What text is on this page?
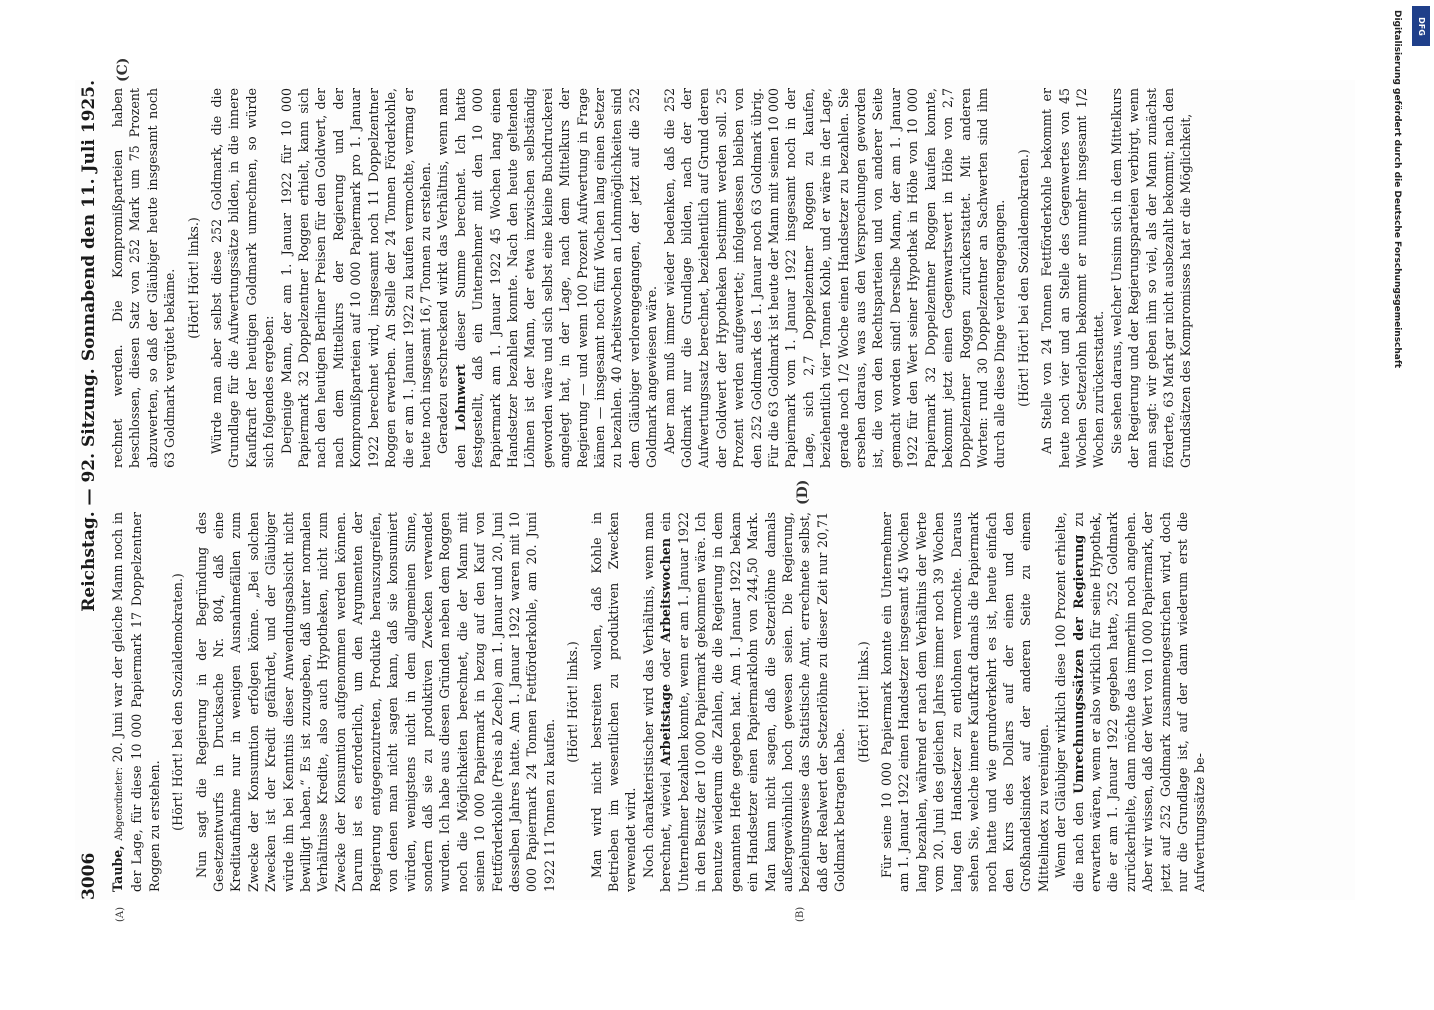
3006
Reichstag. — 92. Sitzung.
Sonnabend den 11. Juli 1925.
(A)	(B)
(C)
(D)

Taube, Abgeordneter: 20. Juni war der gleiche Mann noch in der Lage, für diese 10 000 Papiermark 17 Doppelzentner Roggen zu erstehen. (Hört! Hört! bei den Sozialdemokraten.) Nun sagt die Regierung in der Begründung des Gesetzentwurfs in Drucksache Nr. 804, daß eine Kreditaufnahme nur in wenigen Ausnahmefällen zum Zwecke der Konsumtion erfolgen könne. „Bei solchen Zwecken ist der Kredit gefährdet, und der Gläubiger würde ihn bei Kenntnis dieser Anwendungsabsicht nicht bewilligt haben.“ Es ist zuzugeben, daß unter normalen Verhältnisse Kredite, also auch Hypotheken, nicht zum Zwecke der Konsumtion aufgenommen werden können. Darum ist es erforderlich, um den Argumenten der Regierung entgegenzutreten, Produkte herauszugreifen, von denen man nicht sagen kann, daß sie konsumiert würden, wenigstens nicht in dem allgemeinen Sinne, sondern daß sie zu produktiven Zwecken verwendet wurden. Ich habe aus diesen Gründen neben dem Roggen noch die Möglichkeiten berechnet, die der Mann mit seinen 10 000 Papiermark in bezug auf den Kauf von Fettförderkohle (Preis ab Zeche) am 1. Januar und 20. Juni desselben Jahres hatte. Am 1. Januar 1922 waren mit 10 000 Papiermark 24 Tonnen Fettförderkohle, am 20. Juni 1922 11 Tonnen zu kaufen.

(Hört! Hört! links.) Man wird nicht bestreiten wollen, daß Kohle in Betrieben im wesentlichen zu produktiven Zwecken verwendet wird. Noch charakteristischer wird das Verhältnis, wenn man berechnet, wieviel Arbeitstage oder Arbeitswochen ein Unternehmer bezahlen konnte, wenn er am 1. Januar 1922 in den Besitz der 10 000 Papiermark gekommen wäre. Ich benutze wiederum die Zahlen, die die Regierung in dem genannten Hefte gegeben hat. Am 1. Januar 1922 bekam ein Handsetzer einen Papiermarklohn von 244,50 Mark. Man kann nicht sagen, daß die Setzerlöhne damals außergewöhnlich hoch gewesen seien. Die Regierung, beziehungsweise das Statistische Amt, errechnete selbst, daß der Realwert der Setzerlöhne zu dieser Zeit nur 20,71 Goldmark betragen habe.

(Hört! Hört! links.) Für seine 10 000 Papiermark konnte ein Unternehmer am 1. Januar 1922 einen Handsetzer insgesamt 45 Wochen lang bezahlen, während er nach dem Verhältnis der Werte vom 20. Juni des gleichen Jahres immer noch 39 Wochen lang den Handsetzer zu entlohnen vermochte. Daraus sehen Sie, welche innere Kaufkraft damals die Papiermark noch hatte und wie grundverkehrt es ist, heute einfach den Kurs des Dollars auf der einen und den Großhandelsindex auf der anderen Seite zu einem Mittelindex zu vereinigen. Wenn der Gläubiger wirklich diese 100 Prozent erhielte, die nach den Umrechnungssätzen der Regierung zu erwarten wären, wenn er also wirklich für seine Hypothek, die er am 1. Januar 1922 gegeben hatte, 252 Goldmark zurückerhielte, dann möchte das immerhin noch angehen. Aber wir wissen, daß der Wert von 10 000 Papiermark, der jetzt auf 252 Goldmark zusammengestrichen wird, doch nur die Grundlage ist, auf der dann wiederum erst die Aufwertungssätze be-

rechnet werden. Die Kompromißparteien haben beschlossen, diesen Satz von 252 Mark um 75 Prozent abzuwerten, so daß der Gläubiger heute insgesamt noch 63 Goldmark vergütet bekäme. (Hört! Hört! links.) Würde man aber selbst diese 252 Goldmark, die die Grundlage für die Aufwertungssätze bilden, in die innere Kaufkraft der heutigen Goldmark umrechnen, so würde sich folgendes ergeben: Derjenige Mann, der am 1. Januar 1922 für 10 000 Papiermark 32 Doppelzentner Roggen erhielt, kann sich nach den heutigen Berliner Preisen für den Goldwert, der nach dem Mittelkurs der Regierung und der Kompromißparteien auf 10 000 Papiermark pro 1. Januar 1922 berechnet wird, insgesamt noch 11 Doppelzentner Roggen erwerben. An Stelle der 24 Tonnen Förderkohle, die er am 1. Januar 1922 zu kaufen vermochte, vermag er heute noch insgesamt 16,7 Tonnen zu erstehen. Geradezu erschreckend wirkt das Verhältnis, wenn man den Lohnwert dieser Summe berechnet. Ich hatte festgestellt, daß ein Unternehmer mit den 10 000 Papiermark am 1. Januar 1922 45 Wochen lang einen Handsetzer bezahlen konnte. Nach den heute geltenden Löhnen ist der Mann, der etwa inzwischen selbständig geworden wäre und sich selbst eine kleine Buchdruckerei angelegt hat, in der Lage, nach dem Mittelkurs der Regierung — und wenn 100 Prozent Aufwertung in Frage kämen — insgesamt noch fünf Wochen lang einen Setzer zu bezahlen. 40 Arbeitswochen an Lohnmöglichkeiten sind dem Gläubiger verlorengegangen, der jetzt auf die 252 Goldmark angewiesen wäre. Aber man muß immer wieder bedenken, daß die 252 Goldmark nur die Grundlage bilden, nach der der Aufwertungssatz berechnet, beziehentlich auf Grund deren der Goldwert der Hypotheken bestimmt werden soll. 25 Prozent werden aufgewertet; infolgedessen bleiben von den 252 Goldmark des 1. Januar noch 63 Goldmark übrig. Für die 63 Goldmark ist heute der Mann mit seinen 10 000 Papiermark vom 1. Januar 1922 insgesamt noch in der Lage, sich 2,7 Doppelzentner Roggen zu kaufen, beziehentlich vier Tonnen Kohle, und er wäre in der Lage, gerade noch 1/2 Woche einen Handsetzer zu bezahlen. Sie ersehen daraus, was aus den Versprechungen geworden ist, die von den Rechtsparteien und von anderer Seite gemacht worden sind! Derselbe Mann, der am 1. Januar 1922 für den Wert seiner Hypothek in Höhe von 10 000 Papiermark 32 Doppelzentner Roggen kaufen konnte, bekommt jetzt einen Gegenwartswert in Höhe von 2,7 Doppelzentner Roggen zurückerstattet. Mit anderen Worten: rund 30 Doppelzentner an Sachwerten sind ihm durch alle diese Dinge verlorengegangen. (Hört! Hört! bei den Sozialdemokraten.) An Stelle von 24 Tonnen Fettförderkohle bekommt er heute noch vier und an Stelle des Gegenwertes von 45 Wochen Setzerlohn bekommt er nunmehr insgesamt 1/2 Wochen zurückerstattet. Sie sehen daraus, welcher Unsinn sich in dem Mittelkurs der Regierung und der Regierungsparteien verbirgt, wenn man sagt: wir geben ihm so viel, als der Mann zunächst förderte, 63 Mark gar nicht ausbezahlt bekommt; nach den Grundsätzen des Kompromisses hat er die Möglichkeit,	Digitalisierung gefördert durch die Deutsche Forschungsgemeinschaft	DFG
